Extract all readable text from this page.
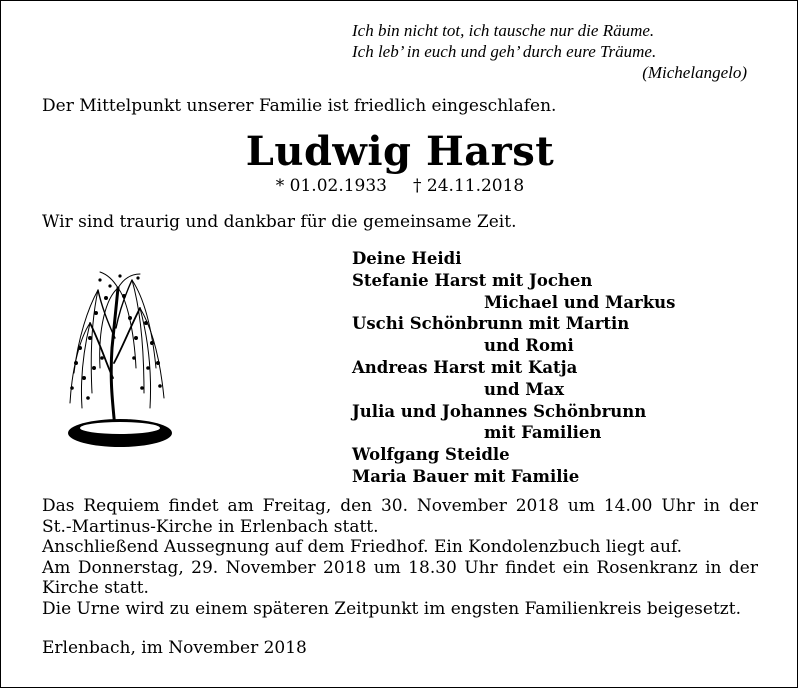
Ich bin nicht tot, ich tausche nur die Räume.
Ich leb’ in euch und geh’ durch eure Träume.
(Michelangelo)
Der Mittelpunkt unserer Familie ist friedlich eingeschlafen.
Ludwig Harst
* 01.02.1933 † 24.11.2018
Wir sind traurig und dankbar für die gemeinsame Zeit.
Deine Heidi
Stefanie Harst mit Jochen
Michael und Markus
Uschi Schönbrunn mit Martin
und Romi
Andreas Harst mit Katja
und Max
Julia und Johannes Schönbrunn
mit Familien
Wolfgang Steidle
Maria Bauer mit Familie
Das Requiem findet am Freitag, den 30. November 2018 um 14.00 Uhr in der
St.-Martinus-Kirche in Erlenbach statt.
Anschließend Aussegnung auf dem Friedhof. Ein Kondolenzbuch liegt auf.
Am Donnerstag, 29. November 2018 um 18.30 Uhr findet ein Rosenkranz in der
Kirche statt.
Die Urne wird zu einem späteren Zeitpunkt im engsten Familienkreis beigesetzt.
Erlenbach, im November 2018
